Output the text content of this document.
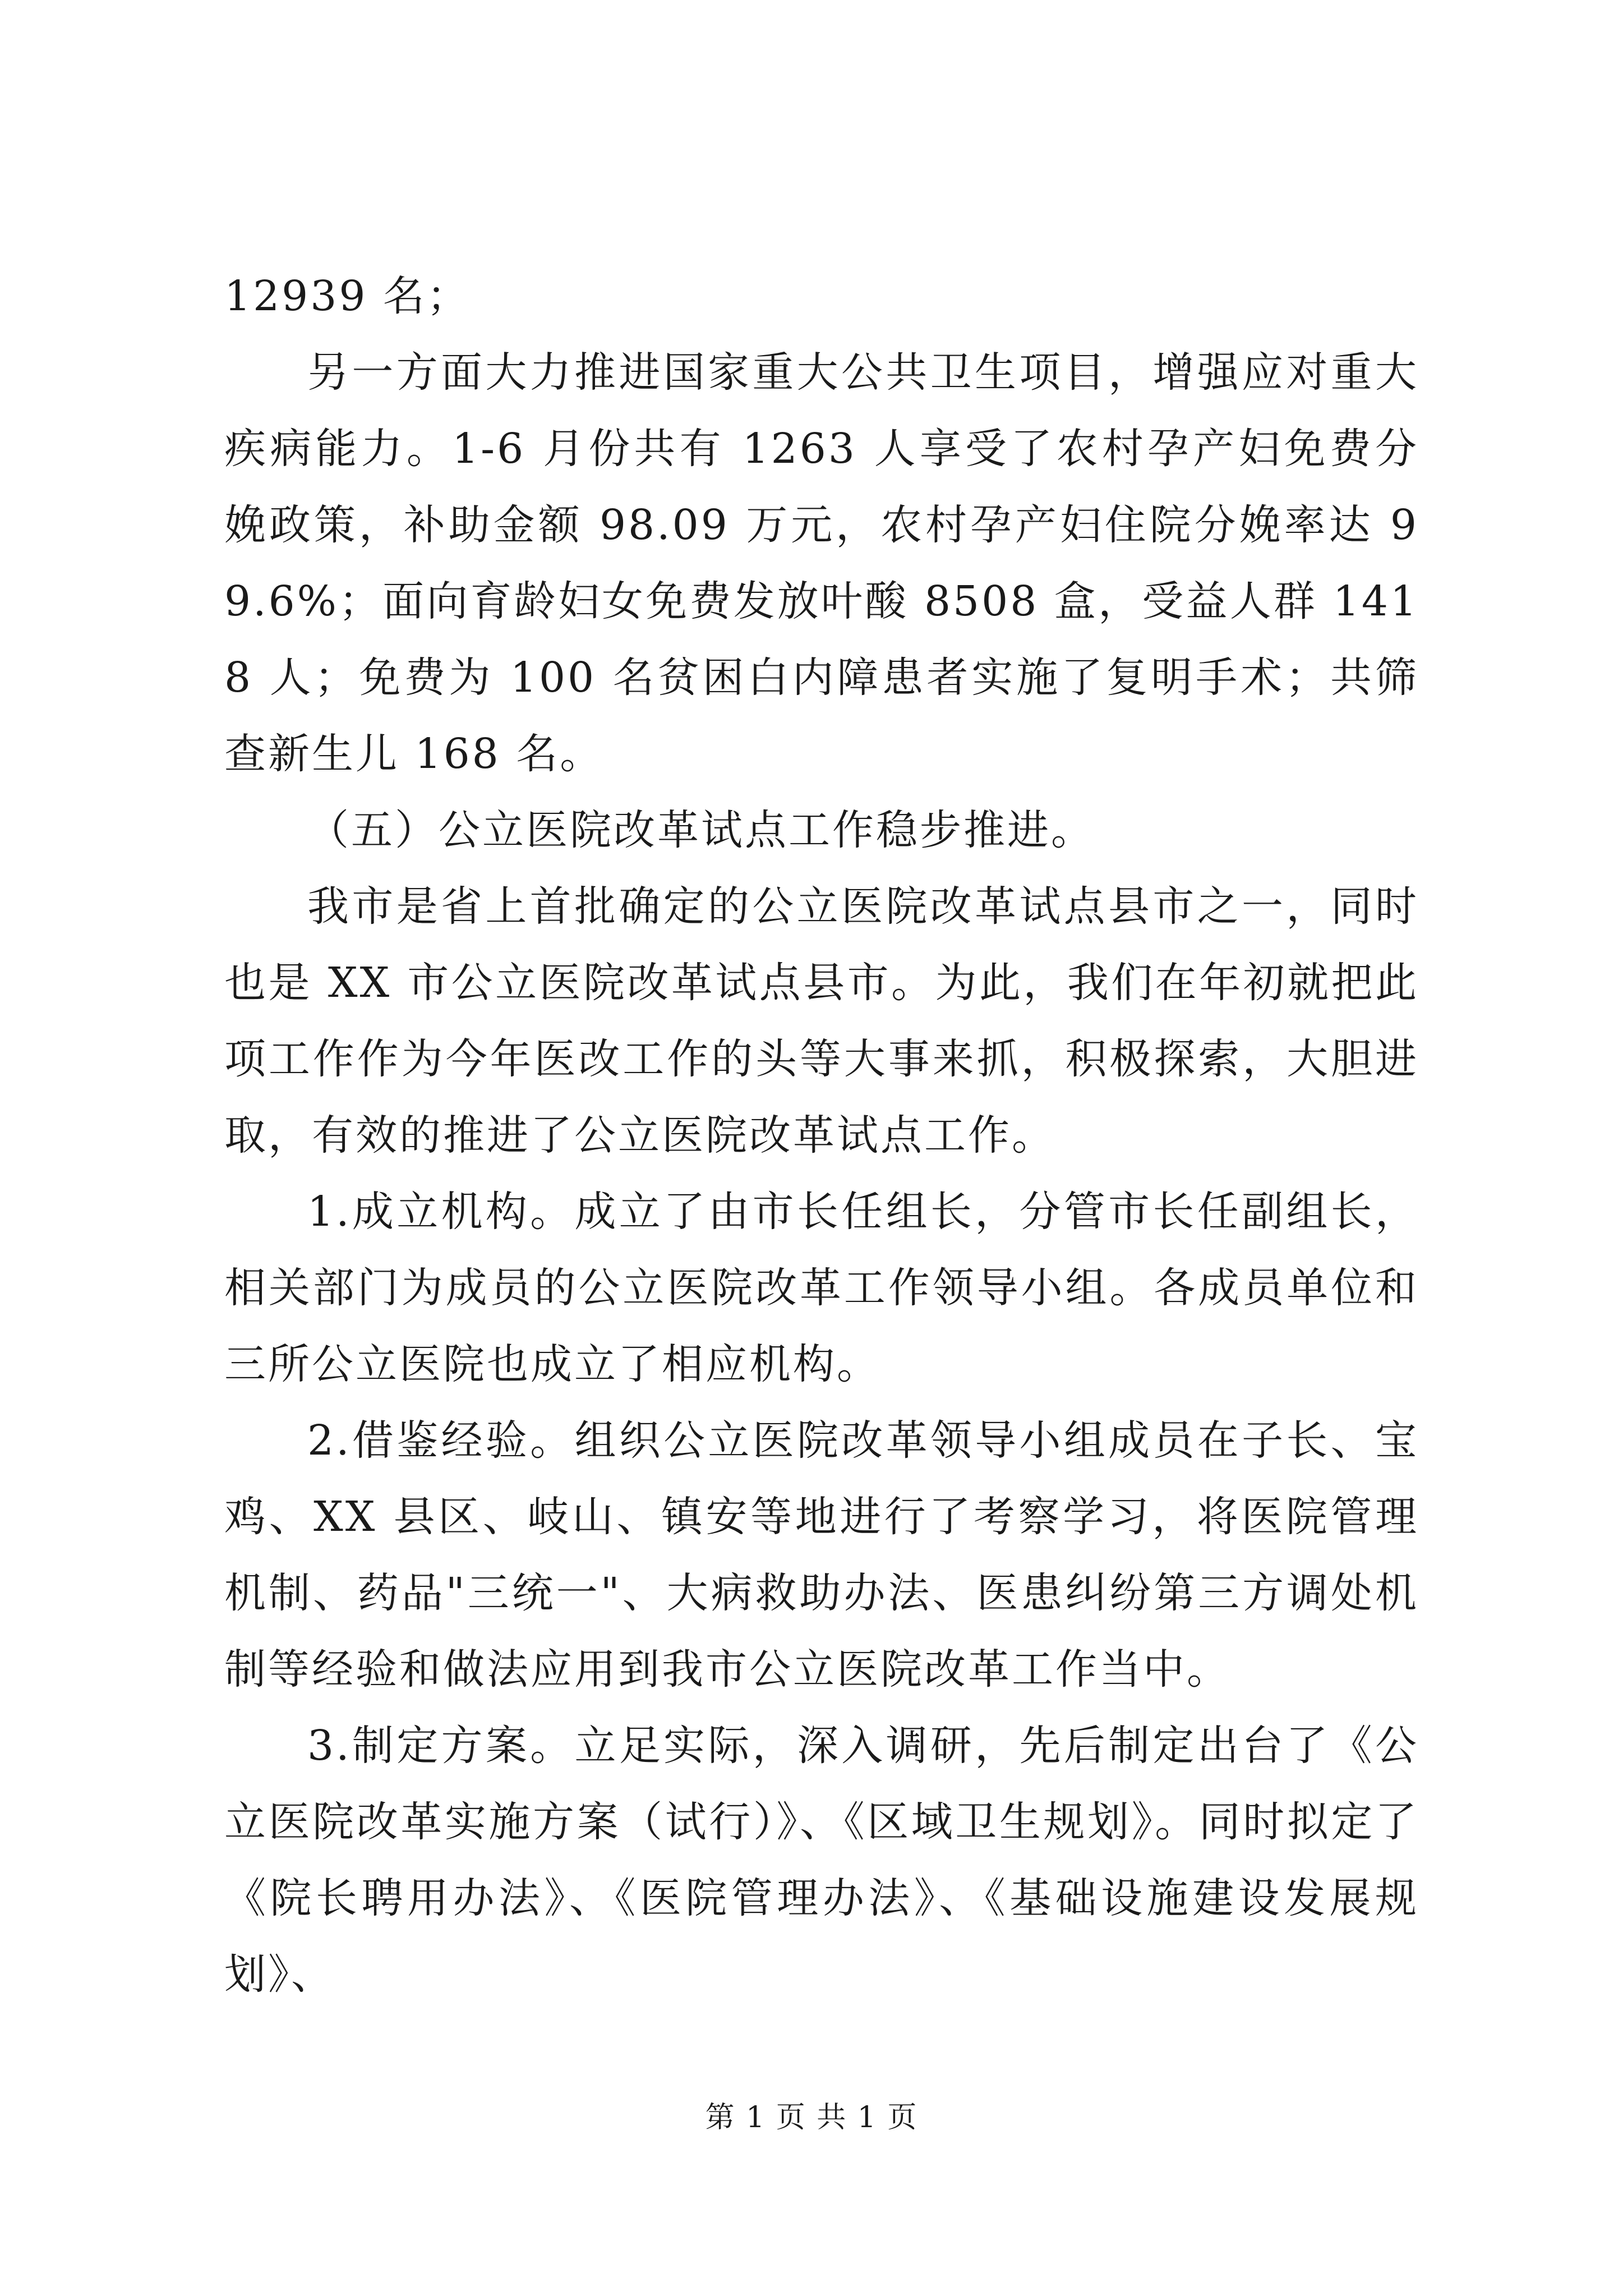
12939 名；

另一方面大力推进国家重大公共卫生项目，增强应对重大疾病能力。1-6 月份共有 1263 人享受了农村孕产妇免费分娩政策，补助金额 98.09 万元，农村孕产妇住院分娩率达 99.6%；面向育龄妇女免费发放叶酸 8508 盒，受益人群 1418 人；免费为 100 名贫困白内障患者实施了复明手术；共筛查新生儿 168 名。

（五）公立医院改革试点工作稳步推进。

我市是省上首批确定的公立医院改革试点县市之一，同时也是 XX 市公立医院改革试点县市。为此，我们在年初就把此项工作作为今年医改工作的头等大事来抓，积极探索，大胆进取，有效的推进了公立医院改革试点工作。

1.成立机构。成立了由市长任组长，分管市长任副组长，相关部门为成员的公立医院改革工作领导小组。各成员单位和三所公立医院也成立了相应机构。

2.借鉴经验。组织公立医院改革领导小组成员在子长、宝鸡、XX 县区、岐山、镇安等地进行了考察学习，将医院管理机制、药品"三统一"、大病救助办法、医患纠纷第三方调处机制等经验和做法应用到我市公立医院改革工作当中。

3.制定方案。立足实际，深入调研，先后制定出台了《公立医院改革实施方案（试行）》、《区域卫生规划》。同时拟定了《院长聘用办法》、《医院管理办法》、《基础设施建设发展规划》、

第 1 页 共 1 页
